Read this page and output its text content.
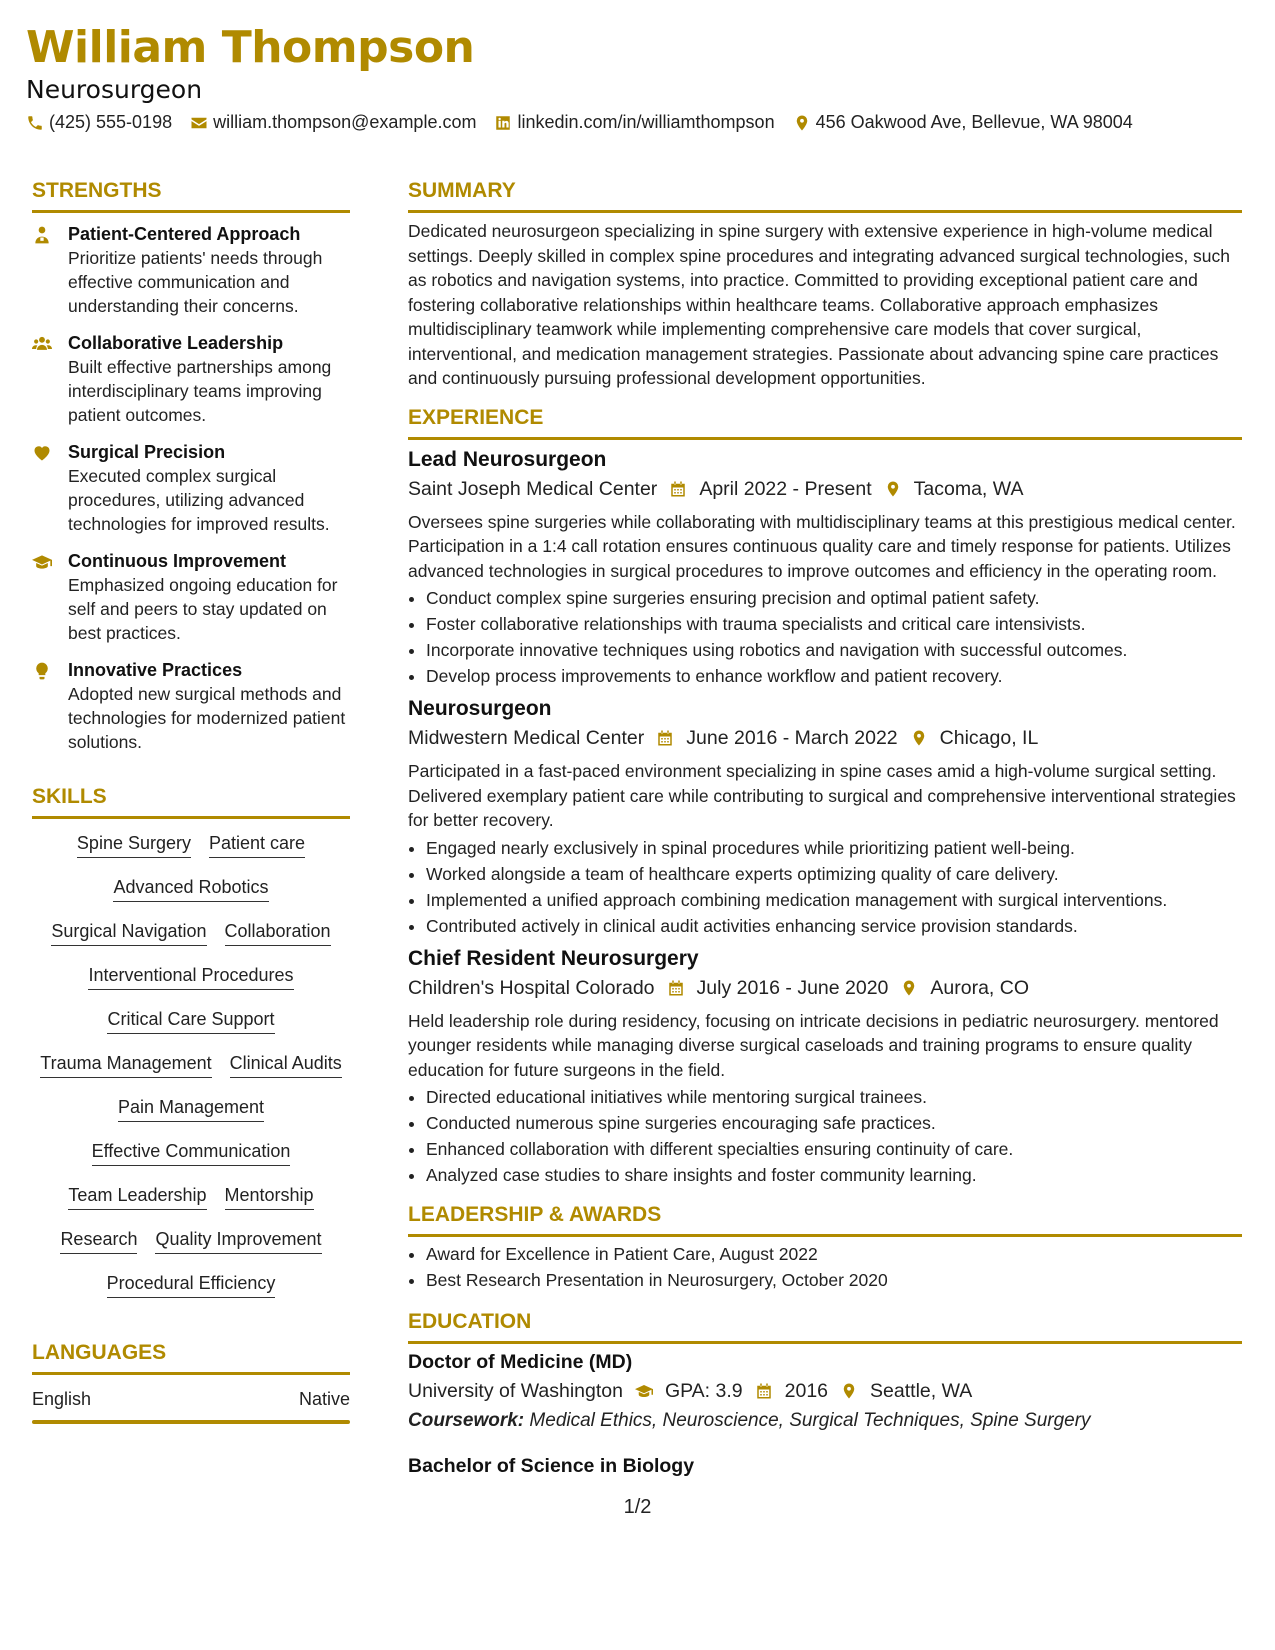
William Thompson
Neurosurgeon
(425) 555-0198 william.thompson@example.com linkedin.com/in/williamthompson 456 Oakwood Ave, Bellevue, WA 98004
STRENGTHS
Patient-Centered Approach
Prioritize patients' needs through effective communication and understanding their concerns.
Collaborative Leadership
Built effective partnerships among interdisciplinary teams improving patient outcomes.
Surgical Precision
Executed complex surgical procedures, utilizing advanced technologies for improved results.
Continuous Improvement
Emphasized ongoing education for self and peers to stay updated on best practices.
Innovative Practices
Adopted new surgical methods and technologies for modernized patient solutions.
SKILLS
Spine Surgery Patient care
Advanced Robotics
Surgical Navigation Collaboration
Interventional Procedures
Critical Care Support
Trauma Management Clinical Audits
Pain Management
Effective Communication
Team Leadership Mentorship
Research Quality Improvement
Procedural Efficiency
LANGUAGES
English	Native
SUMMARY
Dedicated neurosurgeon specializing in spine surgery with extensive experience in high-volume medical settings. Deeply skilled in complex spine procedures and integrating advanced surgical technologies, such as robotics and navigation systems, into practice. Committed to providing exceptional patient care and fostering collaborative relationships within healthcare teams. Collaborative approach emphasizes multidisciplinary teamwork while implementing comprehensive care models that cover surgical, interventional, and medication management strategies. Passionate about advancing spine care practices and continuously pursuing professional development opportunities.
EXPERIENCE
Lead Neurosurgeon
Saint Joseph Medical Center April 2022 - Present Tacoma, WA
Oversees spine surgeries while collaborating with multidisciplinary teams at this prestigious medical center. Participation in a 1:4 call rotation ensures continuous quality care and timely response for patients. Utilizes advanced technologies in surgical procedures to improve outcomes and efficiency in the operating room.
• Conduct complex spine surgeries ensuring precision and optimal patient safety.
• Foster collaborative relationships with trauma specialists and critical care intensivists.
• Incorporate innovative techniques using robotics and navigation with successful outcomes.
• Develop process improvements to enhance workflow and patient recovery.
Neurosurgeon
Midwestern Medical Center June 2016 - March 2022 Chicago, IL
Participated in a fast-paced environment specializing in spine cases amid a high-volume surgical setting. Delivered exemplary patient care while contributing to surgical and comprehensive interventional strategies for better recovery.
• Engaged nearly exclusively in spinal procedures while prioritizing patient well-being.
• Worked alongside a team of healthcare experts optimizing quality of care delivery.
• Implemented a unified approach combining medication management with surgical interventions.
• Contributed actively in clinical audit activities enhancing service provision standards.
Chief Resident Neurosurgery
Children's Hospital Colorado July 2016 - June 2020 Aurora, CO
Held leadership role during residency, focusing on intricate decisions in pediatric neurosurgery. mentored younger residents while managing diverse surgical caseloads and training programs to ensure quality education for future surgeons in the field.
• Directed educational initiatives while mentoring surgical trainees.
• Conducted numerous spine surgeries encouraging safe practices.
• Enhanced collaboration with different specialties ensuring continuity of care.
• Analyzed case studies to share insights and foster community learning.
LEADERSHIP & AWARDS
• Award for Excellence in Patient Care, August 2022
• Best Research Presentation in Neurosurgery, October 2020
EDUCATION
Doctor of Medicine (MD)
University of Washington GPA: 3.9 2016 Seattle, WA
Coursework: Medical Ethics, Neuroscience, Surgical Techniques, Spine Surgery
Bachelor of Science in Biology
1/2
